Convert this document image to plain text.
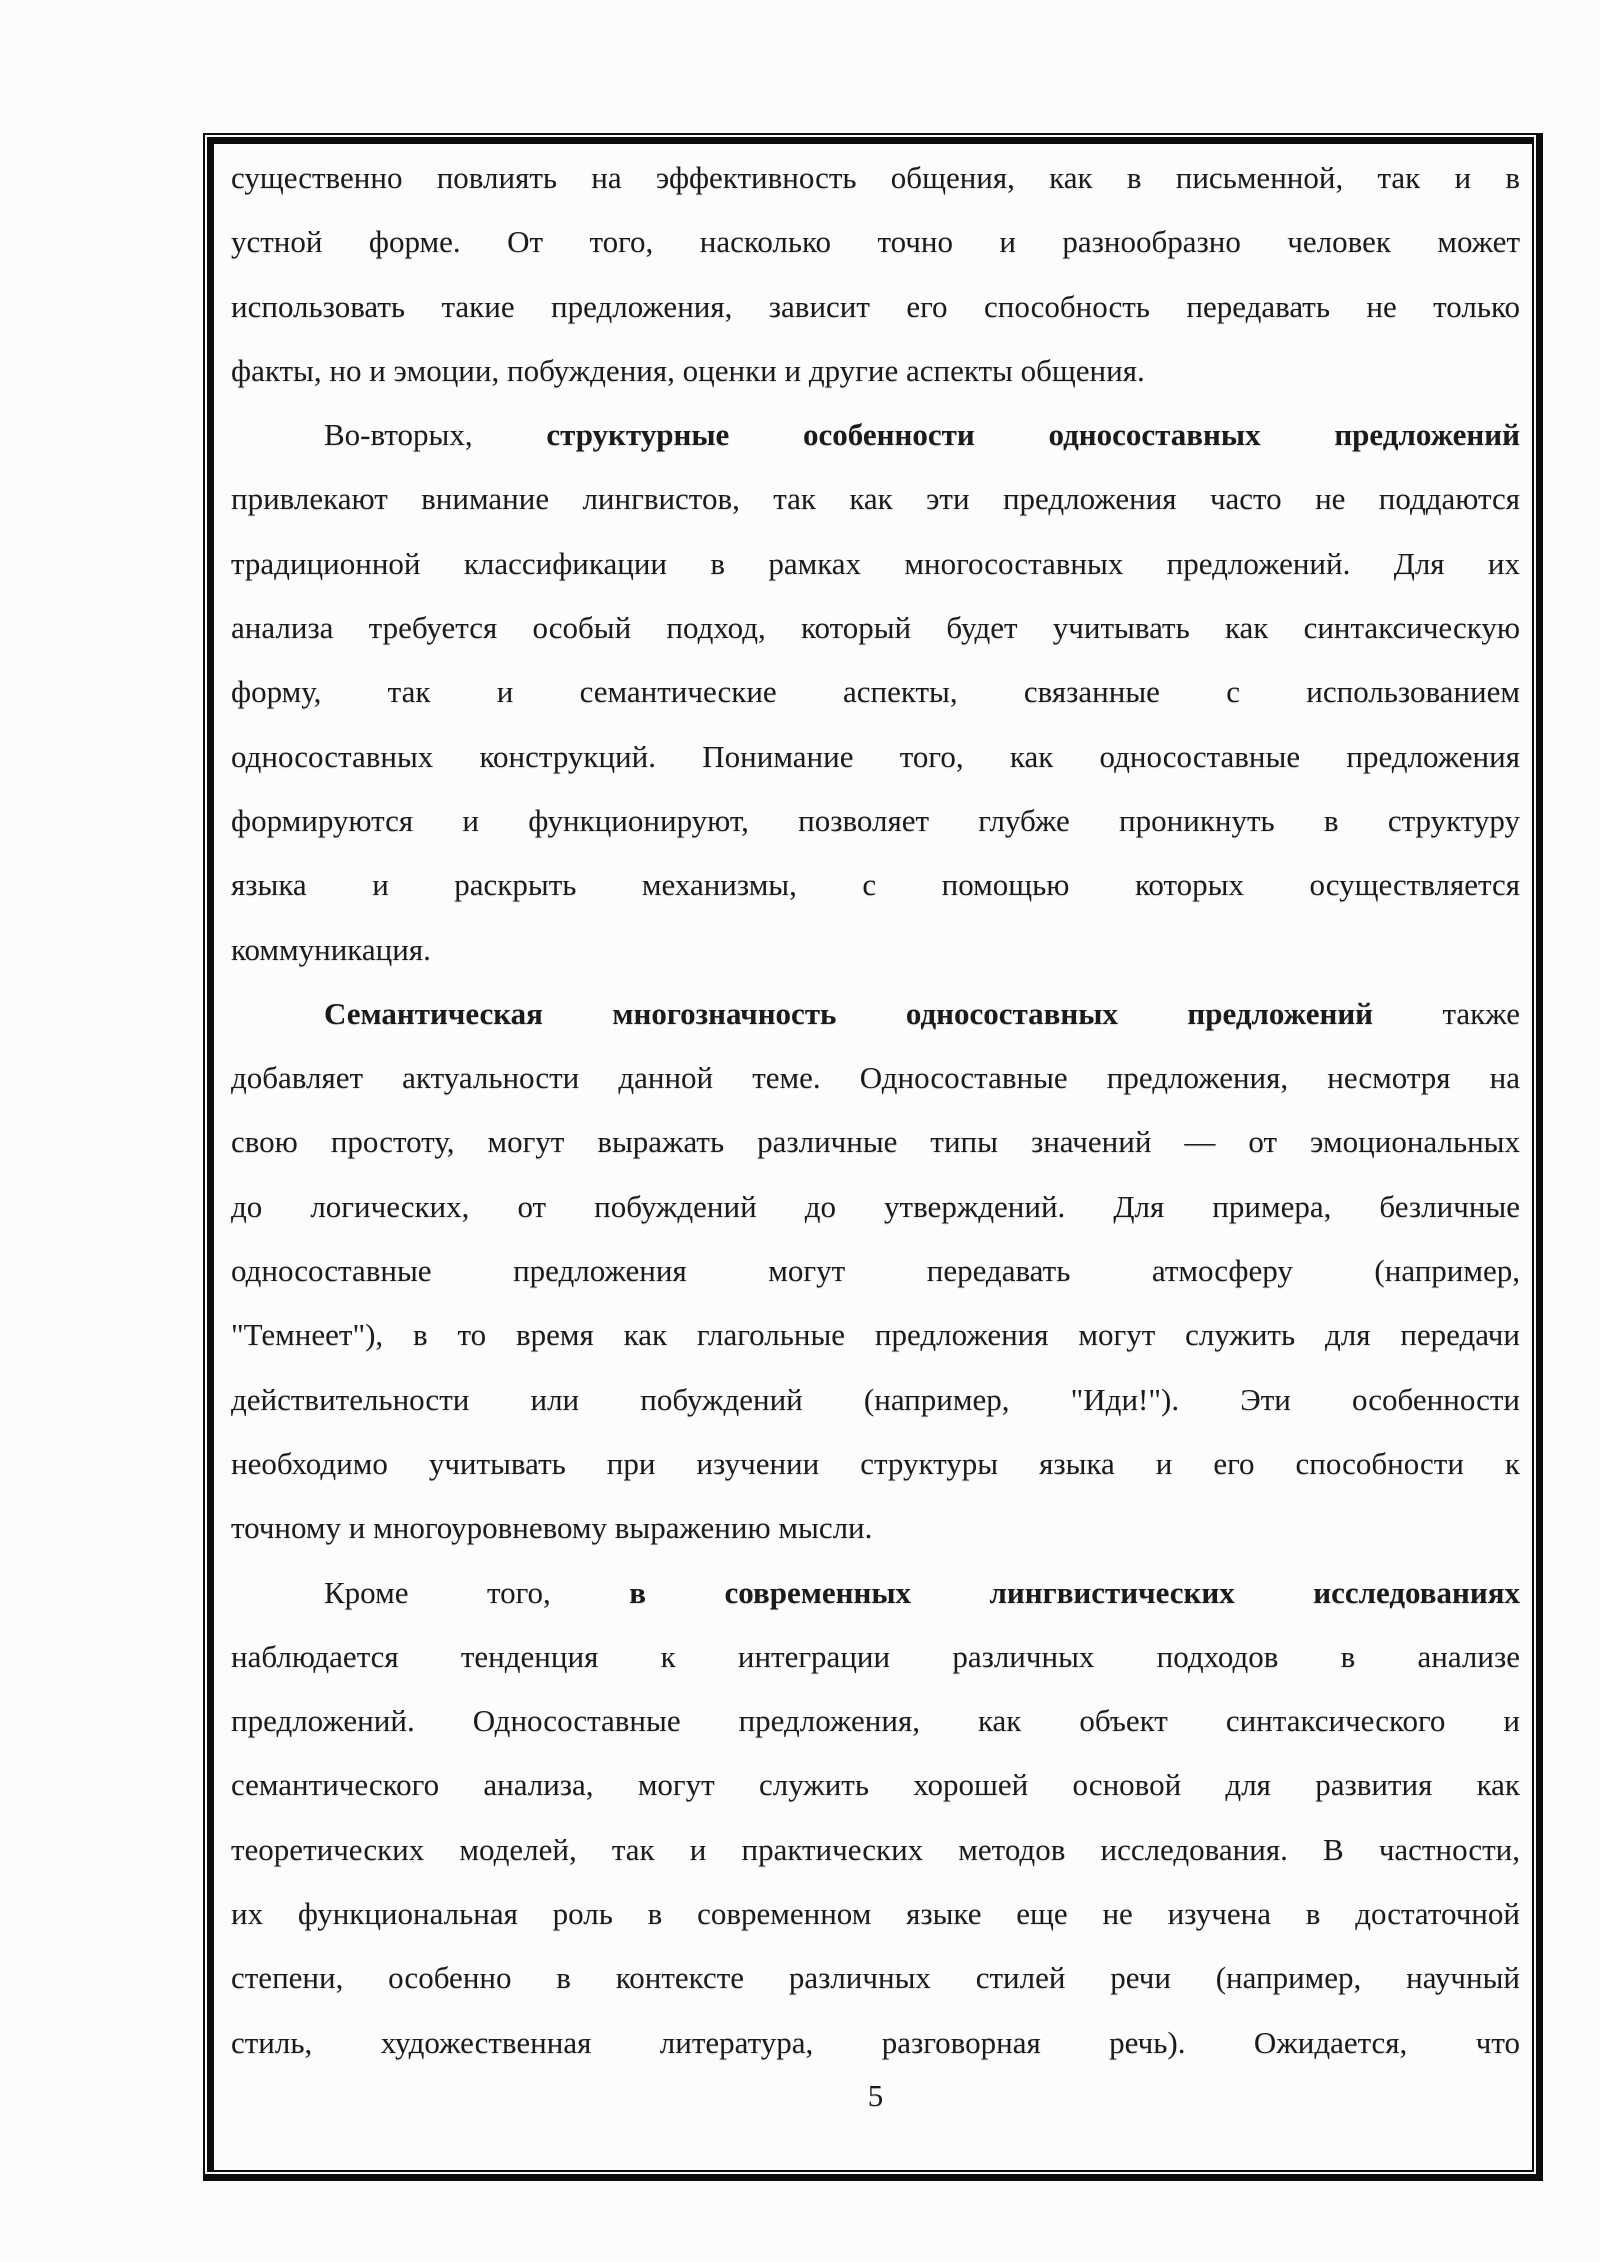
существенно повлиять на эффективность общения, как в письменной, так и в
устной форме. От того, насколько точно и разнообразно человек может
использовать такие предложения, зависит его способность передавать не только
факты, но и эмоции, побуждения, оценки и другие аспекты общения.
Во-вторых, структурные особенности односоставных предложений
привлекают внимание лингвистов, так как эти предложения часто не поддаются
традиционной классификации в рамках многосоставных предложений. Для их
анализа требуется особый подход, который будет учитывать как синтаксическую
форму, так и семантические аспекты, связанные с использованием
односоставных конструкций. Понимание того, как односоставные предложения
формируются и функционируют, позволяет глубже проникнуть в структуру
языка и раскрыть механизмы, с помощью которых осуществляется
коммуникация.
Семантическая многозначность односоставных предложений также
добавляет актуальности данной теме. Односоставные предложения, несмотря на
свою простоту, могут выражать различные типы значений — от эмоциональных
до логических, от побуждений до утверждений. Для примера, безличные
односоставные предложения могут передавать атмосферу (например,
"Темнеет"), в то время как глагольные предложения могут служить для передачи
действительности или побуждений (например, "Иди!"). Эти особенности
необходимо учитывать при изучении структуры языка и его способности к
точному и многоуровневому выражению мысли.
Кроме того, в современных лингвистических исследованиях
наблюдается тенденция к интеграции различных подходов в анализе
предложений. Односоставные предложения, как объект синтаксического и
семантического анализа, могут служить хорошей основой для развития как
теоретических моделей, так и практических методов исследования. В частности,
их функциональная роль в современном языке еще не изучена в достаточной
степени, особенно в контексте различных стилей речи (например, научный
стиль, художественная литература, разговорная речь). Ожидается, что
5
